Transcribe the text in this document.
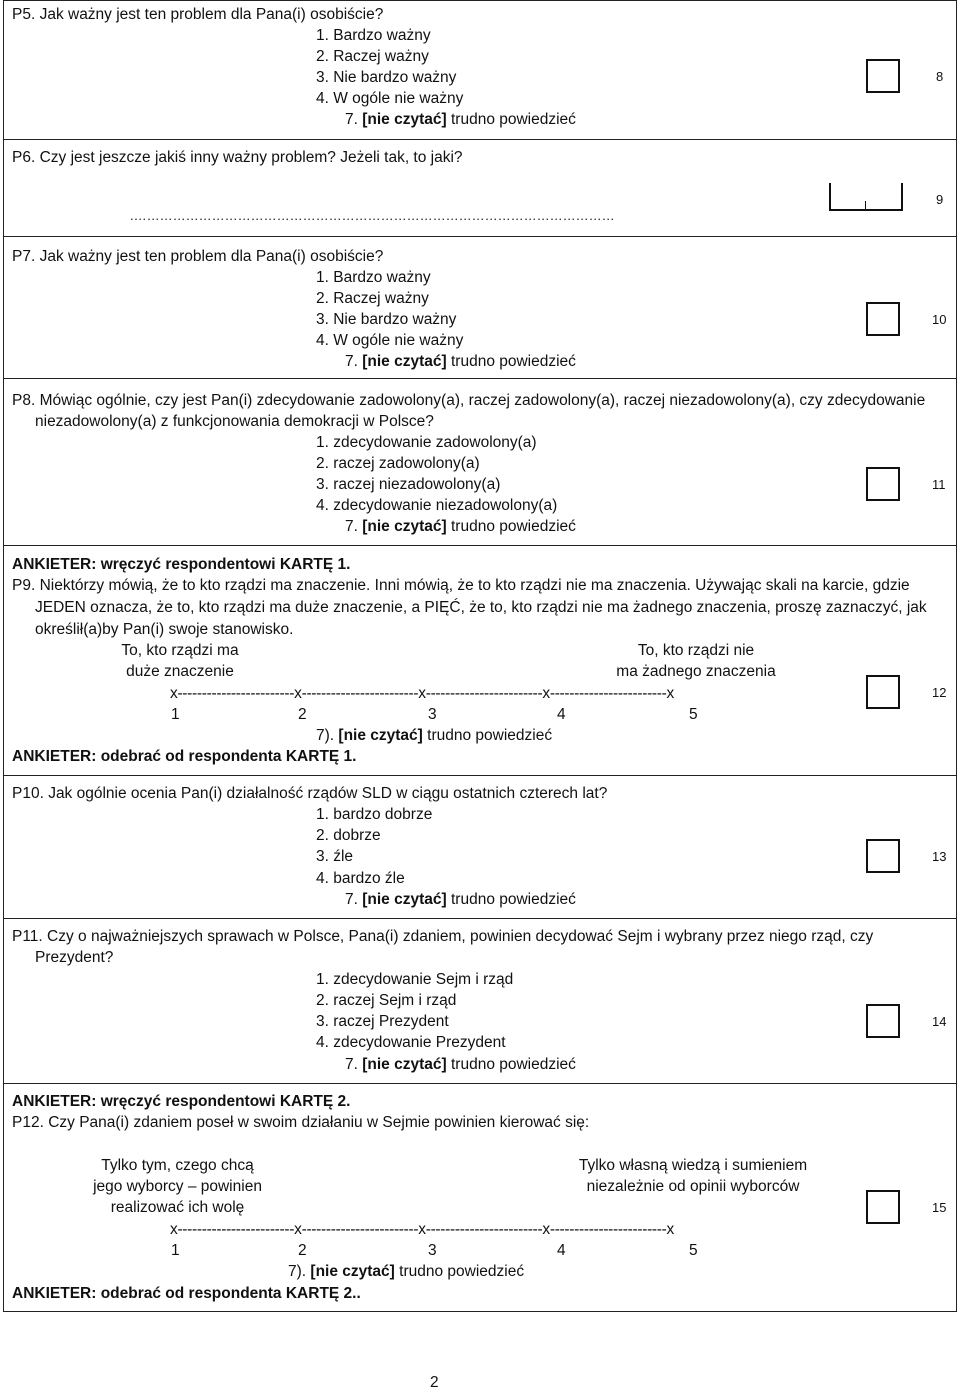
P5. Jak ważny jest ten problem dla Pana(i) osobiście?
1. Bardzo ważny
2. Raczej ważny
3. Nie bardzo ważny
4. W ogóle nie ważny
7. [nie czytać] trudno powiedzieć
8
P6. Czy jest jeszcze jakiś inny ważny problem? Jeżeli tak, to jaki?
.…………………………………………………………………………………………………
9
P7. Jak ważny jest ten problem dla Pana(i) osobiście?
1. Bardzo ważny
2. Raczej ważny
3. Nie bardzo ważny
4. W ogóle nie ważny
7. [nie czytać] trudno powiedzieć
10
P8. Mówiąc ogólnie, czy jest Pan(i) zdecydowanie zadowolony(a), raczej zadowolony(a), raczej niezadowolony(a), czy zdecydowanie
niezadowolony(a) z funkcjonowania demokracji w Polsce?
1. zdecydowanie zadowolony(a)
2. raczej zadowolony(a)
3. raczej niezadowolony(a)
4. zdecydowanie niezadowolony(a)
7. [nie czytać] trudno powiedzieć
11
ANKIETER: wręczyć respondentowi KARTĘ 1.
P9. Niektórzy mówią, że to kto rządzi ma znaczenie. Inni mówią, że to kto rządzi nie ma znaczenia. Używając skali na karcie, gdzie
JEDEN oznacza, że to, kto rządzi ma duże znaczenie, a PIĘĆ, że to, kto rządzi nie ma żadnego znaczenia, proszę zaznaczyć, jak
określił(a)by Pan(i) swoje stanowisko.
To, kto rządzi ma
duże znaczenie
To, kto rządzi nie
ma żadnego znaczenia
x------------------------x------------------------x------------------------x------------------------x
1	2	3	4	5
7). [nie czytać] trudno powiedzieć
ANKIETER: odebrać od respondenta KARTĘ 1.
12
P10. Jak ogólnie ocenia Pan(i) działalność rządów SLD w ciągu ostatnich czterech lat?
1. bardzo dobrze
2. dobrze
3. źle
4. bardzo źle
7. [nie czytać] trudno powiedzieć
13
P11. Czy o najważniejszych sprawach w Polsce, Pana(i) zdaniem, powinien decydować Sejm i wybrany przez niego rząd, czy
Prezydent?
1. zdecydowanie Sejm i rząd
2. raczej Sejm i rząd
3. raczej Prezydent
4. zdecydowanie Prezydent
7. [nie czytać] trudno powiedzieć
14
ANKIETER: wręczyć respondentowi KARTĘ 2.
P12. Czy Pana(i) zdaniem poseł w swoim działaniu w Sejmie powinien kierować się:
Tylko tym, czego chcą
jego wyborcy – powinien
realizować ich wolę
Tylko własną wiedzą i sumieniem
niezależnie od opinii wyborców
x------------------------x------------------------x------------------------x------------------------x
1	2	3	4	5
7). [nie czytać] trudno powiedzieć
ANKIETER: odebrać od respondenta KARTĘ 2..
15
2
